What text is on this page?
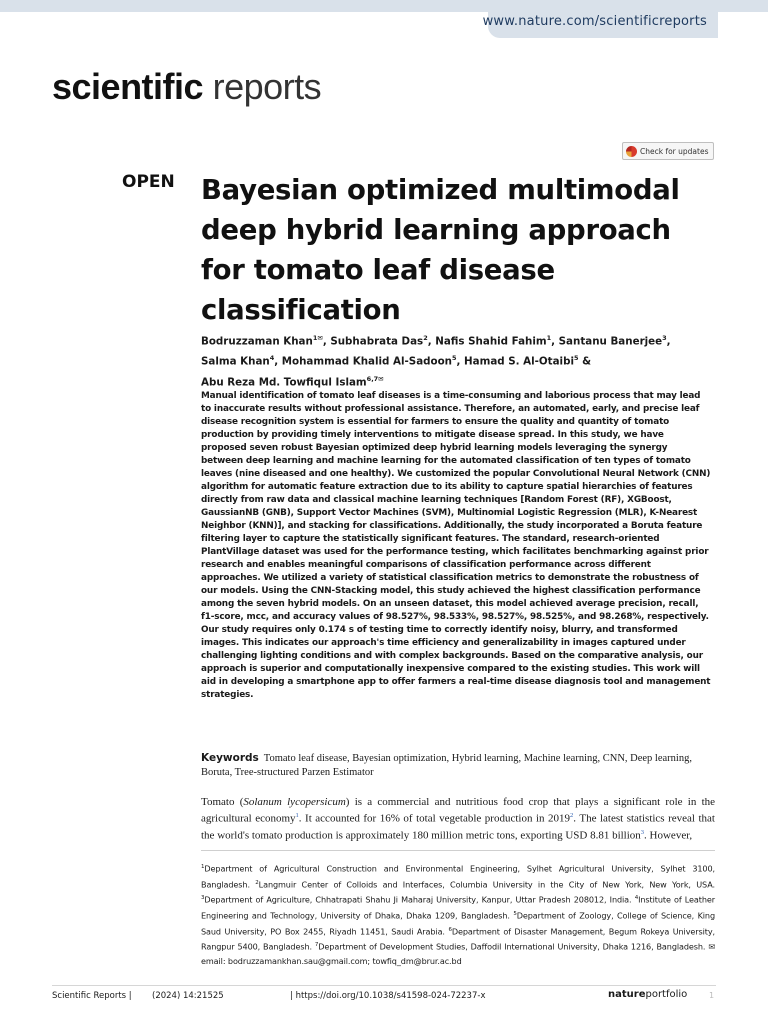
www.nature.com/scientificreports
scientific reports
Check for updates
OPEN Bayesian optimized multimodal deep hybrid learning approach for tomato leaf disease classification

Bodruzzaman Khan$^{1✉}$, Subhabrata Das$^2$, Nafis Shahid Fahim$^1$, Santanu Banerjee$^3$,
Salma Khan$^4$, Mohammad Khalid Al-Sadoon$^5$, Hamad S. Al-Otaibi$^5$ &
Abu Reza Md. Towfiqul Islam$^{6,7✉}$

Manual identification of tomato leaf diseases is a time-consuming and laborious process that may lead to inaccurate results without professional assistance. Therefore, an automated, early, and precise leaf disease recognition system is essential for farmers to ensure the quality and quantity of tomato production by providing timely interventions to mitigate disease spread. In this study, we have proposed seven robust Bayesian optimized deep hybrid learning models leveraging the synergy between deep learning and machine learning for the automated classification of ten types of tomato leaves (nine diseased and one healthy). We customized the popular Convolutional Neural Network (CNN) algorithm for automatic feature extraction due to its ability to capture spatial hierarchies of features directly from raw data and classical machine learning techniques [Random Forest (RF), XGBoost, GaussianNB (GNB), Support Vector Machines (SVM), Multinomial Logistic Regression (MLR), K-Nearest Neighbor (KNN)], and stacking for classifications. Additionally, the study incorporated a Boruta feature filtering layer to capture the statistically significant features. The standard, research-oriented PlantVillage dataset was used for the performance testing, which facilitates benchmarking against prior research and enables meaningful comparisons of classification performance across different approaches. We utilized a variety of statistical classification metrics to demonstrate the robustness of our models. Using the CNN-Stacking model, this study achieved the highest classification performance among the seven hybrid models. On an unseen dataset, this model achieved average precision, recall, f1-score, mcc, and accuracy values of 98.527%, 98.533%, 98.527%, 98.525%, and 98.268%, respectively. Our study requires only 0.174 s of testing time to correctly identify noisy, blurry, and transformed images. This indicates our approach's time efficiency and generalizability in images captured under challenging lighting conditions and with complex backgrounds. Based on the comparative analysis, our approach is superior and computationally inexpensive compared to the existing studies. This work will aid in developing a smartphone app to offer farmers a real-time disease diagnosis tool and management strategies.

Keywords Tomato leaf disease, Bayesian optimization, Hybrid learning, Machine learning, CNN, Deep learning, Boruta, Tree-structured Parzen Estimator

Tomato (Solanum lycopersicum) is a commercial and nutritious food crop that plays a significant role in the agricultural economy$^1$. It accounted for 16% of total vegetable production in 2019$^2$. The latest statistics reveal that the world's tomato production is approximately 180 million metric tons, exporting USD 8.81 billion$^3$. However,

$^1$Department of Agricultural Construction and Environmental Engineering, Sylhet Agricultural University, Sylhet 3100, Bangladesh. $^2$Langmuir Center of Colloids and Interfaces, Columbia University in the City of New York, New York, USA. $^3$Department of Agriculture, Chhatrapati Shahu Ji Maharaj University, Kanpur, Uttar Pradesh 208012, India. $^4$Institute of Leather Engineering and Technology, University of Dhaka, Dhaka 1209, Bangladesh. $^5$Department of Zoology, College of Science, King Saud University, PO Box 2455, Riyadh 11451, Saudi Arabia. $^6$Department of Disaster Management, Begum Rokeya University, Rangpur 5400, Bangladesh. $^7$Department of Development Studies, Daffodil International University, Dhaka 1216, Bangladesh. ✉email: bodruzzamankhan.sau@gmail.com; towfiq_dm@brur.ac.bd

Scientific Reports | (2024) 14:21525	| https://doi.org/10.1038/s41598-024-72237-x	natureportfolio	1
